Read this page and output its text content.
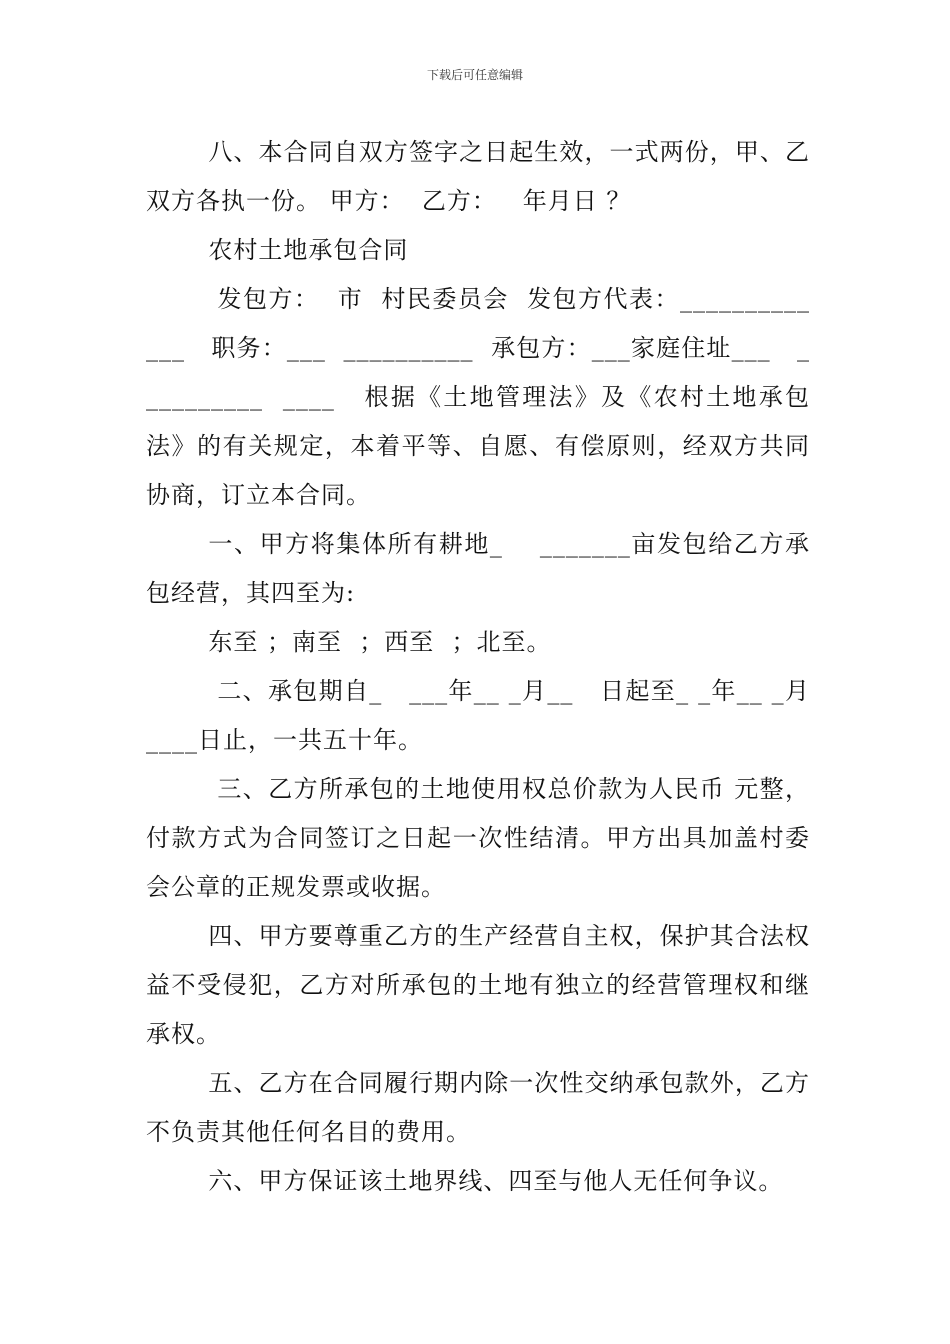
下载后可任意编辑

八、本合同自双方签字之日起生效，一式两份，甲、乙双方各执一份。 甲方：  乙方：   年月日 ？

农村土地承包合同

发包方：  市  村民委员会  发包方代表：__________ ___   职务：___  __________  承包方：___家庭住址___   _ _________  ____   根据《土地管理法》及《农村土地承包法》的有关规定，本着平等、自愿、有偿原则，经双方共同协商，订立本合同。

一、甲方将集体所有耕地_    _______亩发包给乙方承包经营，其四至为:

东至 ；南至  ；西至  ；北至。

二、承包期自_   ___年__ _月__   日起至_ _年__ _月____日止，一共五十年。

三、乙方所承包的土地使用权总价款为人民币 元整，付款方式为合同签订之日起一次性结清。甲方出具加盖村委会公章的正规发票或收据。

四、甲方要尊重乙方的生产经营自主权，保护其合法权益不受侵犯，乙方对所承包的土地有独立的经营管理权和继承权。

五、乙方在合同履行期内除一次性交纳承包款外，乙方不负责其他任何名目的费用。

六、甲方保证该土地界线、四至与他人无任何争议。
